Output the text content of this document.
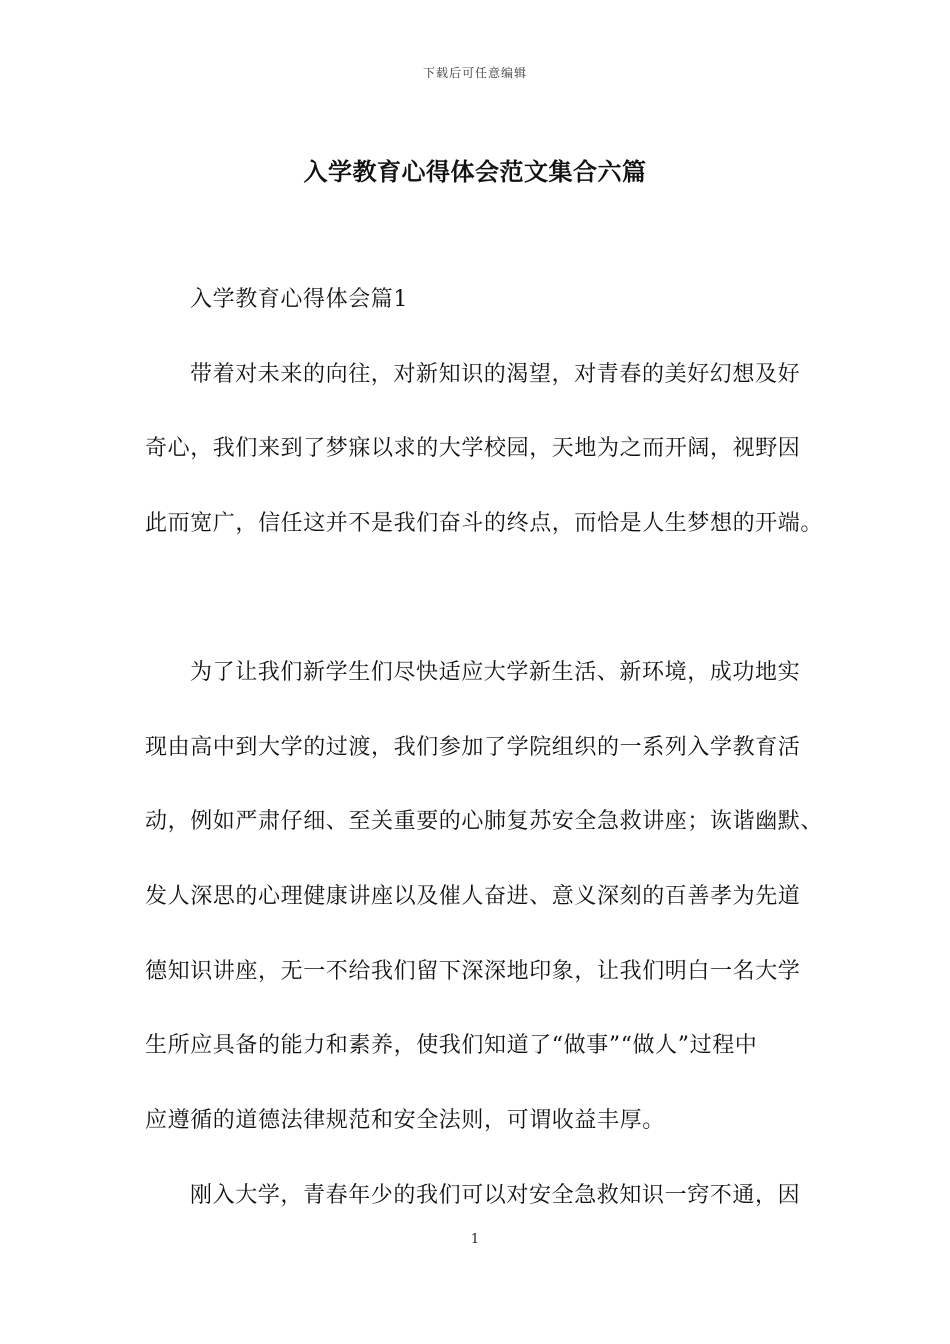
下载后可任意编辑
入学教育心得体会范文集合六篇
入学教育心得体会篇1
带着对未来的向往，对新知识的渴望，对青春的美好幻想及好
奇心，我们来到了梦寐以求的大学校园，天地为之而开阔，视野因
此而宽广，信任这并不是我们奋斗的终点，而恰是人生梦想的开端。
为了让我们新学生们尽快适应大学新生活、新环境，成功地实
现由高中到大学的过渡，我们参加了学院组织的一系列入学教育活
动，例如严肃仔细、至关重要的心肺复苏安全急救讲座；诙谐幽默、
发人深思的心理健康讲座以及催人奋进、意义深刻的百善孝为先道
德知识讲座，无一不给我们留下深深地印象，让我们明白一名大学
生所应具备的能力和素养，使我们知道了“做事”“做人”过程中
应遵循的道德法律规范和安全法则，可谓收益丰厚。
刚入大学，青春年少的我们可以对安全急救知识一窍不通，因
1
